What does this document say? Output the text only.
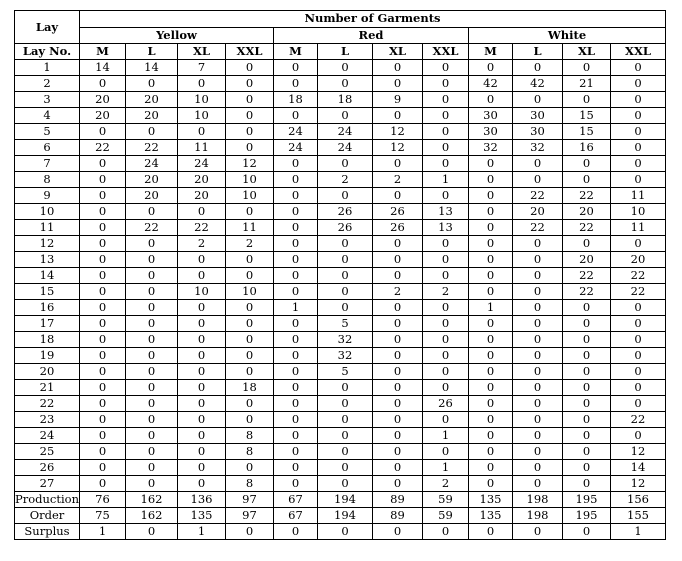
Lay	Number of Garments											
	Yellow				Red				White			
Lay No.	M	L	XL	XXL	M	L	XL	XXL	M	L	XL	XXL
1	14	14	7	0	0	0	0	0	0	0	0	0
2	0	0	0	0	0	0	0	0	42	42	21	0
3	20	20	10	0	18	18	9	0	0	0	0	0
4	20	20	10	0	0	0	0	0	30	30	15	0
5	0	0	0	0	24	24	12	0	30	30	15	0
6	22	22	11	0	24	24	12	0	32	32	16	0
7	0	24	24	12	0	0	0	0	0	0	0	0
8	0	20	20	10	0	2	2	1	0	0	0	0
9	0	20	20	10	0	0	0	0	0	22	22	11
10	0	0	0	0	0	26	26	13	0	20	20	10
11	0	22	22	11	0	26	26	13	0	22	22	11
12	0	0	2	2	0	0	0	0	0	0	0	0
13	0	0	0	0	0	0	0	0	0	0	20	20
14	0	0	0	0	0	0	0	0	0	0	22	22
15	0	0	10	10	0	0	2	2	0	0	22	22
16	0	0	0	0	1	0	0	0	1	0	0	0
17	0	0	0	0	0	5	0	0	0	0	0	0
18	0	0	0	0	0	32	0	0	0	0	0	0
19	0	0	0	0	0	32	0	0	0	0	0	0
20	0	0	0	0	0	5	0	0	0	0	0	0
21	0	0	0	18	0	0	0	0	0	0	0	0
22	0	0	0	0	0	0	0	26	0	0	0	0
23	0	0	0	0	0	0	0	0	0	0	0	22
24	0	0	0	8	0	0	0	1	0	0	0	0
25	0	0	0	8	0	0	0	0	0	0	0	12
26	0	0	0	0	0	0	0	1	0	0	0	14
27	0	0	0	8	0	0	0	2	0	0	0	12
Production	76	162	136	97	67	194	89	59	135	198	195	156
Order	75	162	135	97	67	194	89	59	135	198	195	155
Surplus	1	0	1	0	0	0	0	0	0	0	0	1
